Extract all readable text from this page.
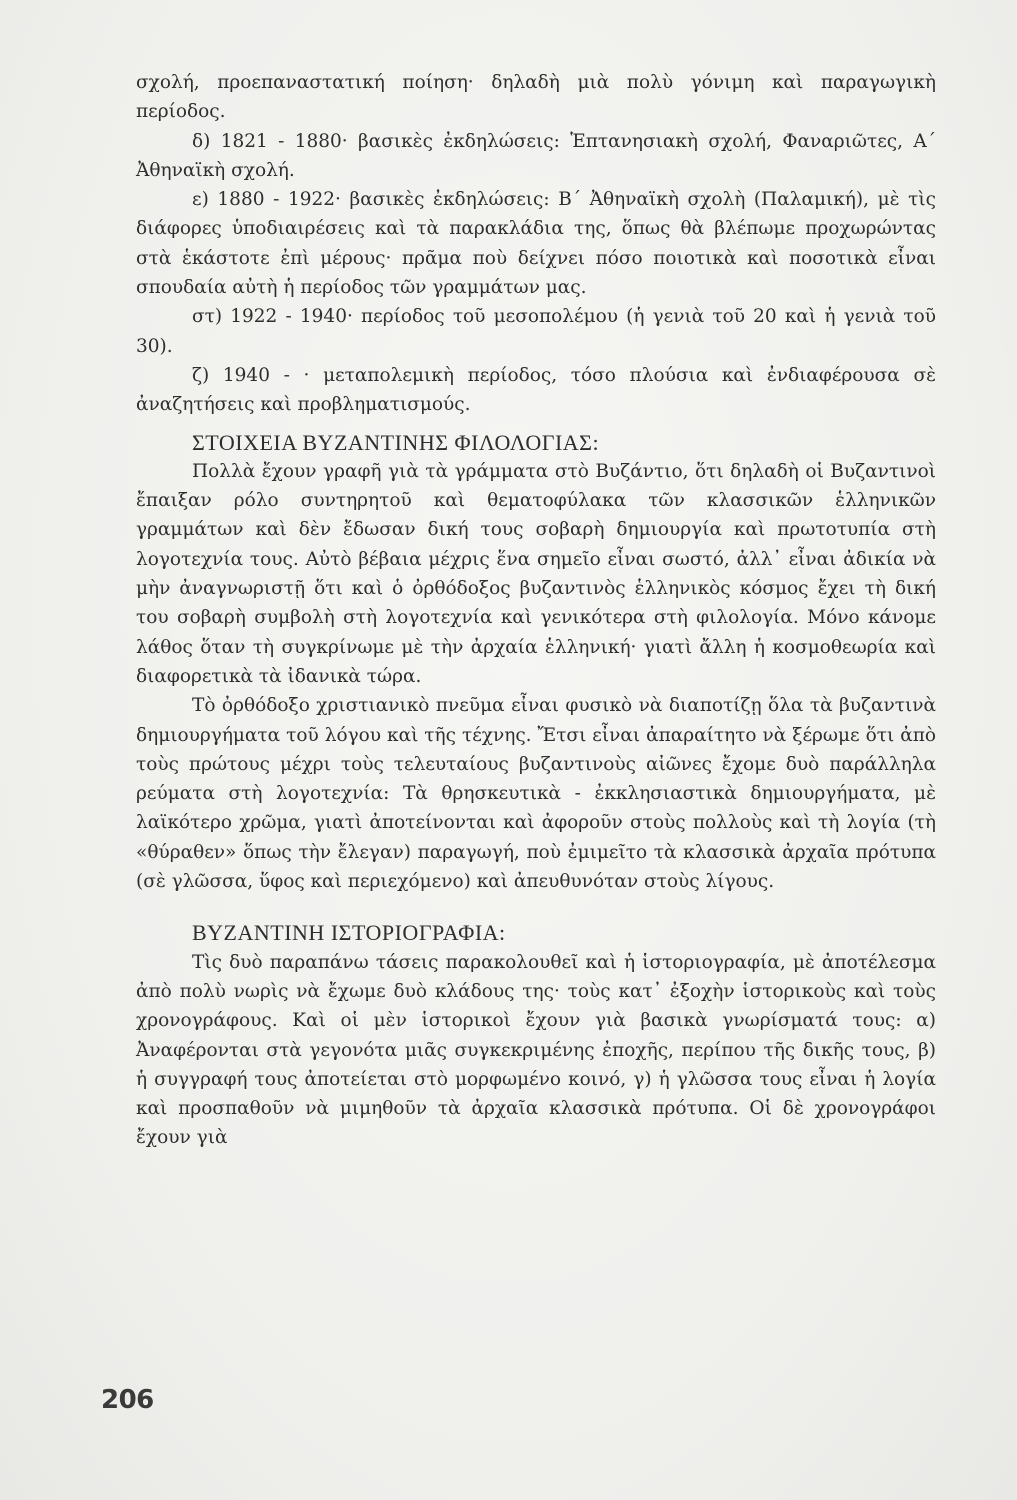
σχολή, προεπαναστατική ποίηση· δηλαδὴ μιὰ πολὺ γόνιμη καὶ παραγωγικὴ περίοδος.

δ) 1821 - 1880· βασικὲς ἐκδηλώσεις: Ἑπτανησιακὴ σχολή, Φαναριῶτες, Α΄ Ἀθηναϊκὴ σχολή.

ε) 1880 - 1922· βασικὲς ἐκδηλώσεις: Β΄ Ἀθηναϊκὴ σχολὴ (Παλαμική), μὲ τὶς διάφορες ὑποδιαιρέσεις καὶ τὰ παρακλάδια της, ὅπως θὰ βλέπωμε προχωρώντας στὰ ἑκάστοτε ἐπὶ μέρους· πρᾶμα ποὺ δείχνει πόσο ποιοτικὰ καὶ ποσοτικὰ εἶναι σπουδαία αὐτὴ ἡ περίοδος τῶν γραμμάτων μας.

στ) 1922 - 1940· περίοδος τοῦ μεσοπολέμου (ἡ γενιὰ τοῦ 20 καὶ ἡ γενιὰ τοῦ 30).

ζ) 1940 - · μεταπολεμικὴ περίοδος, τόσο πλούσια καὶ ἐνδιαφέρουσα σὲ ἀναζητήσεις καὶ προβληματισμούς.

ΣΤΟΙΧΕΙΑ ΒΥΖΑΝΤΙΝΗΣ ΦΙΛΟΛΟΓΙΑΣ:

Πολλὰ ἔχουν γραφῆ γιὰ τὰ γράμματα στὸ Βυζάντιο, ὅτι δηλαδὴ οἱ Βυζαντινοὶ ἔπαιξαν ρόλο συντηρητοῦ καὶ θεματοφύλακα τῶν κλασσικῶν ἑλληνικῶν γραμμάτων καὶ δὲν ἔδωσαν δική τους σοβαρὴ δημιουργία καὶ πρωτοτυπία στὴ λογοτεχνία τους. Αὐτὸ βέβαια μέχρις ἕνα σημεῖο εἶναι σωστό, ἀλλ᾽ εἶναι ἀδικία νὰ μὴν ἀναγνωριστῇ ὅτι καὶ ὁ ὀρθόδοξος βυζαντινὸς ἑλληνικὸς κόσμος ἔχει τὴ δική του σοβαρὴ συμβολὴ στὴ λογοτεχνία καὶ γενικότερα στὴ φιλολογία. Μόνο κάνομε λάθος ὅταν τὴ συγκρίνωμε μὲ τὴν ἀρχαία ἑλληνική· γιατὶ ἄλλη ἡ κοσμοθεωρία καὶ διαφορετικὰ τὰ ἰδανικὰ τώρα.

Τὸ ὀρθόδοξο χριστιανικὸ πνεῦμα εἶναι φυσικὸ νὰ διαποτίζῃ ὅλα τὰ βυζαντινὰ δημιουργήματα τοῦ λόγου καὶ τῆς τέχνης. Ἔτσι εἶναι ἀπαραίτητο νὰ ξέρωμε ὅτι ἀπὸ τοὺς πρώτους μέχρι τοὺς τελευταίους βυζαντινοὺς αἰῶνες ἔχομε δυὸ παράλληλα ρεύματα στὴ λογοτεχνία: Τὰ θρησκευτικὰ - ἐκκλησιαστικὰ δημιουργήματα, μὲ λαϊκότερο χρῶμα, γιατὶ ἀποτείνονται καὶ ἀφοροῦν στοὺς πολλοὺς καὶ τὴ λογία (τὴ «θύραθεν» ὅπως τὴν ἔλεγαν) παραγωγή, ποὺ ἐμιμεῖτο τὰ κλασσικὰ ἀρχαῖα πρότυπα (σὲ γλῶσσα, ὕφος καὶ περιεχόμενο) καὶ ἀπευθυνόταν στοὺς λίγους.

ΒΥΖΑΝΤΙΝΗ ΙΣΤΟΡΙΟΓΡΑΦΙΑ:

Τὶς δυὸ παραπάνω τάσεις παρακολουθεῖ καὶ ἡ ἱστοριογραφία, μὲ ἀποτέλεσμα ἀπὸ πολὺ νωρὶς νὰ ἔχωμε δυὸ κλάδους της· τοὺς κατ᾽ ἐξοχὴν ἱστορικοὺς καὶ τοὺς χρονογράφους. Καὶ οἱ μὲν ἱστορικοὶ ἔχουν γιὰ βασικὰ γνωρίσματά τους: α) Ἀναφέρονται στὰ γεγονότα μιᾶς συγκεκριμένης ἐποχῆς, περίπου τῆς δικῆς τους, β) ἡ συγγραφή τους ἀποτείεται στὸ μορφωμένο κοινό, γ) ἡ γλῶσσα τους εἶναι ἡ λογία καὶ προσπαθοῦν νὰ μιμηθοῦν τὰ ἀρχαῖα κλασσικὰ πρότυπα. Οἱ δὲ χρονογράφοι ἔχουν γιὰ

206
